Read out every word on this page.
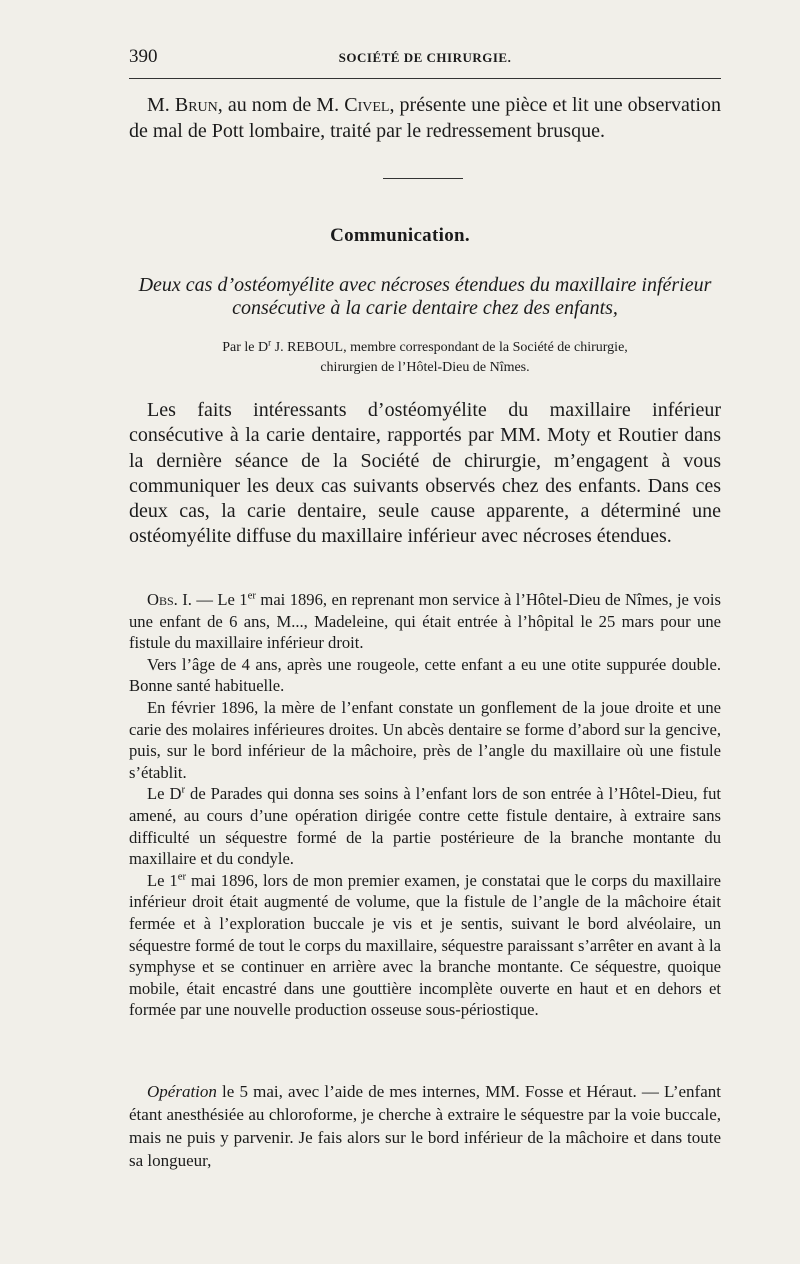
390	SOCIÉTÉ DE CHIRURGIE.

M. Brun, au nom de M. Civel, présente une pièce et lit une observation de mal de Pott lombaire, traité par le redressement brusque.

Communication.
Deux cas d’ostéomyélite avec nécroses étendues du maxillaire inférieur consécutive à la carie dentaire chez des enfants,
Par le $D^r$ J. REBOUL, membre correspondant de la Société de chirurgie,
chirurgien de l’Hôtel-Dieu de Nîmes.

Les faits intéressants d’ostéomyélite du maxillaire inférieur consécutive à la carie dentaire, rapportés par MM. Moty et Routier dans la dernière séance de la Société de chirurgie, m’engagent à vous communiquer les deux cas suivants observés chez des enfants. Dans ces deux cas, la carie dentaire, seule cause apparente, a déterminé une ostéomyélite diffuse du maxillaire inférieur avec nécroses étendues.

Obs. I. — Le 1er mai 1896, en reprenant mon service à l’Hôtel-Dieu de Nîmes, je vois une enfant de 6 ans, M..., Madeleine, qui était entrée à l’hôpital le 25 mars pour une fistule du maxillaire inférieur droit.

Vers l’âge de 4 ans, après une rougeole, cette enfant a eu une otite suppurée double. Bonne santé habituelle.

En février 1896, la mère de l’enfant constate un gonflement de la joue droite et une carie des molaires inférieures droites. Un abcès dentaire se forme d’abord sur la gencive, puis, sur le bord inférieur de la mâchoire, près de l’angle du maxillaire où une fistule s’établit.

Le $D^r$ de Parades qui donna ses soins à l’enfant lors de son entrée à l’Hôtel-Dieu, fut amené, au cours d’une opération dirigée contre cette fistule dentaire, à extraire sans difficulté un séquestre formé de la partie postérieure de la branche montante du maxillaire et du condyle.

Le 1er mai 1896, lors de mon premier examen, je constatai que le corps du maxillaire inférieur droit était augmenté de volume, que la fistule de l’angle de la mâchoire était fermée et à l’exploration buccale je vis et je sentis, suivant le bord alvéolaire, un séquestre formé de tout le corps du maxillaire, séquestre paraissant s’arrêter en avant à la symphyse et se continuer en arrière avec la branche montante. Ce séquestre, quoique mobile, était encastré dans une gouttière incomplète ouverte en haut et en dehors et formée par une nouvelle production osseuse sous-périostique.

Opération le 5 mai, avec l’aide de mes internes, MM. Fosse et Héraut. — L’enfant étant anesthésiée au chloroforme, je cherche à extraire le séquestre par la voie buccale, mais ne puis y parvenir. Je fais alors sur le bord inférieur de la mâchoire et dans toute sa longueur,
